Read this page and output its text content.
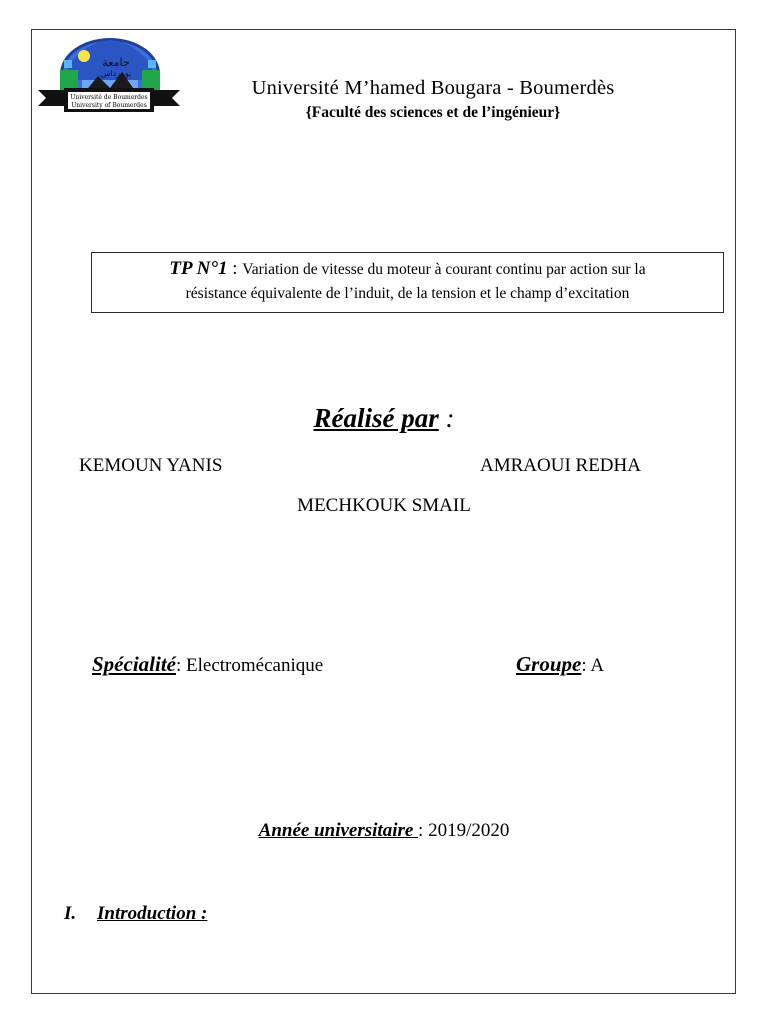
جامعة
بومرداس
Université de Boumerdes
University of Boumerdes
Université M’hamed Bougara - Boumerdès
{Faculté des sciences et de l’ingénieur}
TP N°1 : Variation de vitesse du moteur à courant continu par action sur la
résistance équivalente de l’induit, de la tension et le champ d’excitation
Réalisé par :
KEMOUN YANIS	AMRAOUI REDHA
MECHKOUK SMAIL
Spécialité: Electromécanique	Groupe: A
Année universitaire : 2019/2020
I. Introduction :
